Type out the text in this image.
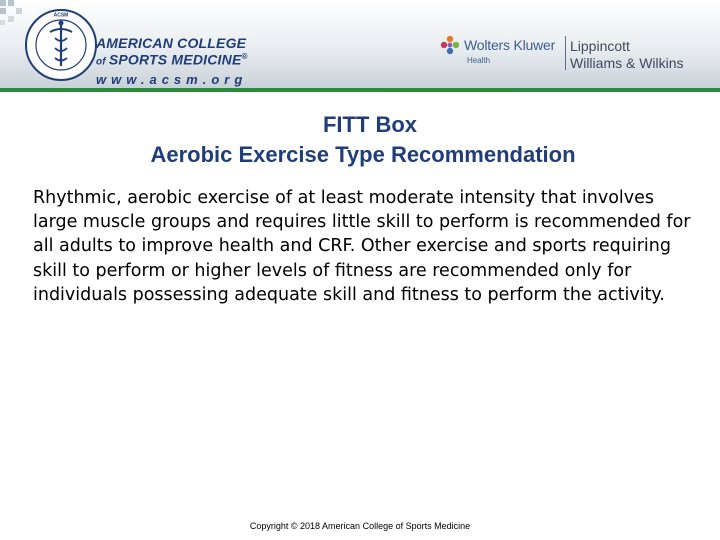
ACSM
AMERICAN COLLEGE
of SPORTS MEDICINE®
www.acsm.org
Wolters Kluwer
Health
Lippincott
Williams & Wilkins
FITT Box
Aerobic Exercise Type Recommendation

Rhythmic, aerobic exercise of at least moderate intensity that involves large muscle groups and requires little skill to perform is recommended for all adults to improve health and CRF. Other exercise and sports requiring skill to perform or higher levels of fitness are recommended only for individuals possessing adequate skill and fitness to perform the activity.

Copyright © 2018 American College of Sports Medicine
